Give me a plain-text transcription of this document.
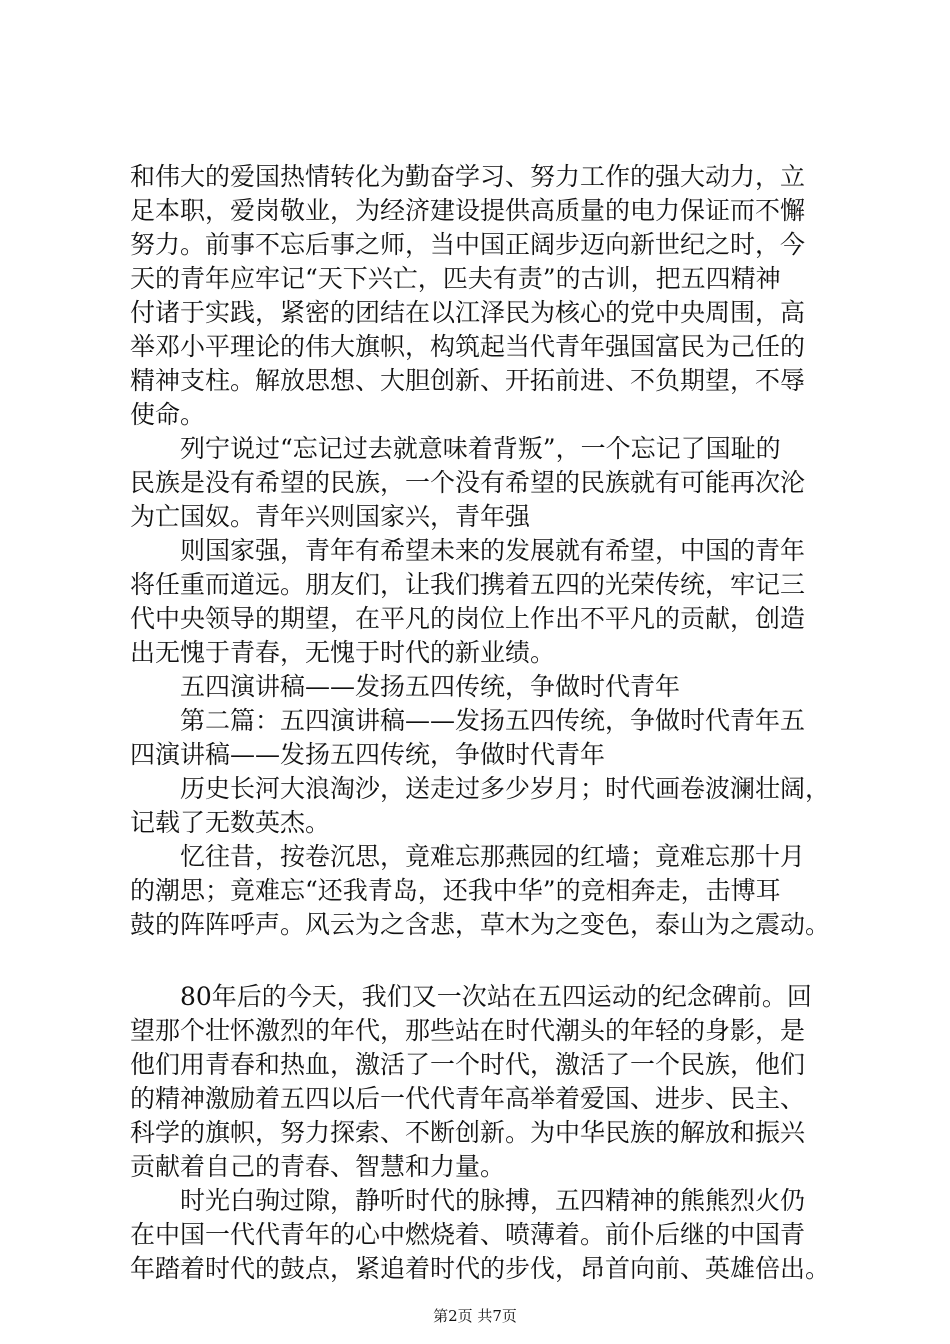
和伟大的爱国热情转化为勤奋学习、努力工作的强大动力，立
足本职，爱岗敬业，为经济建设提供高质量的电力保证而不懈
努力。前事不忘后事之师，当中国正阔步迈向新世纪之时，今
天的青年应牢记“天下兴亡，匹夫有责”的古训，把五四精神
付诸于实践，紧密的团结在以江泽民为核心的党中央周围，高
举邓小平理论的伟大旗帜，构筑起当代青年强国富民为己任的
精神支柱。解放思想、大胆创新、开拓前进、不负期望，不辱
使命。
列宁说过“忘记过去就意味着背叛”，一个忘记了国耻的
民族是没有希望的民族，一个没有希望的民族就有可能再次沦
为亡国奴。青年兴则国家兴，青年强
则国家强，青年有希望未来的发展就有希望，中国的青年
将任重而道远。朋友们，让我们携着五四的光荣传统，牢记三
代中央领导的期望，在平凡的岗位上作出不平凡的贡献，创造
出无愧于青春，无愧于时代的新业绩。
五四演讲稿——发扬五四传统，争做时代青年
第二篇：五四演讲稿——发扬五四传统，争做时代青年五
四演讲稿——发扬五四传统，争做时代青年
历史长河大浪淘沙，送走过多少岁月；时代画卷波澜壮阔，
记载了无数英杰。
忆往昔，按卷沉思，竟难忘那燕园的红墙；竟难忘那十月
的潮思；竟难忘“还我青岛，还我中华”的竞相奔走，击博耳
鼓的阵阵呼声。风云为之含悲，草木为之变色，泰山为之震动。
80年后的今天，我们又一次站在五四运动的纪念碑前。回
望那个壮怀激烈的年代，那些站在时代潮头的年轻的身影，是
他们用青春和热血，激活了一个时代，激活了一个民族，他们
的精神激励着五四以后一代代青年高举着爱国、进步、民主、
科学的旗帜，努力探索、不断创新。为中华民族的解放和振兴
贡献着自己的青春、智慧和力量。
时光白驹过隙，静听时代的脉搏，五四精神的熊熊烈火仍
在中国一代代青年的心中燃烧着、喷薄着。前仆后继的中国青
年踏着时代的鼓点，紧追着时代的步伐，昂首向前、英雄倍出。
第2页 共7页
